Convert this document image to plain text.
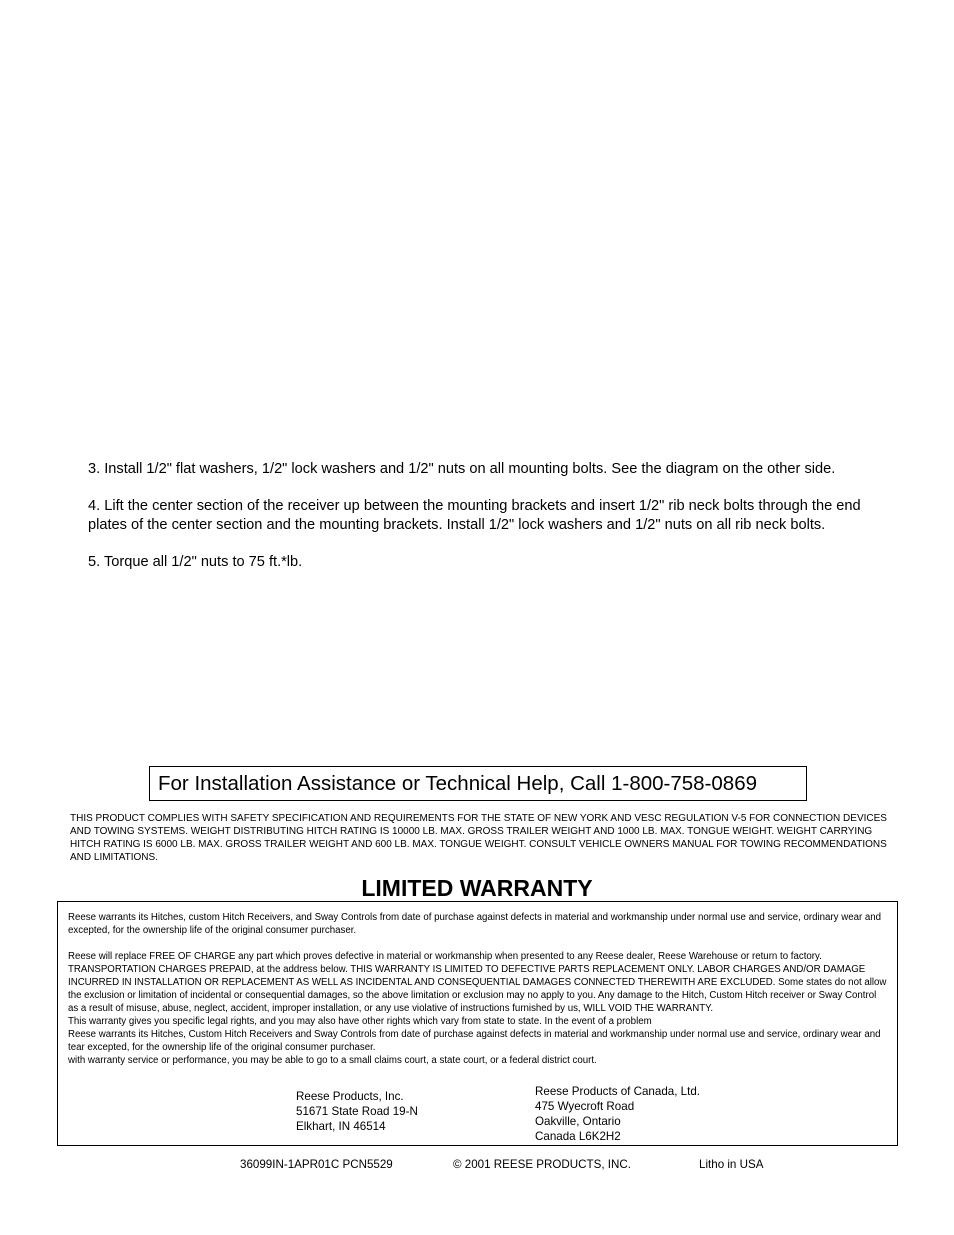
3. Install 1/2" flat washers, 1/2" lock washers and 1/2" nuts on all mounting bolts. See the diagram on the other side.

4. Lift the center section of the receiver up between the mounting brackets and insert 1/2" rib neck bolts through the end plates of the center section and the mounting brackets. Install 1/2" lock washers and 1/2" nuts on all rib neck bolts.

5. Torque all 1/2" nuts to 75 ft.*lb.

For Installation Assistance or Technical Help, Call 1-800-758-0869
THIS PRODUCT COMPLIES WITH SAFETY SPECIFICATION AND REQUIREMENTS FOR THE STATE OF NEW YORK AND VESC REGULATION V-5 FOR CONNECTION DEVICES AND TOWING SYSTEMS. WEIGHT DISTRIBUTING HITCH RATING IS 10000 LB. MAX. GROSS TRAILER WEIGHT AND 1000 LB. MAX. TONGUE WEIGHT. WEIGHT CARRYING HITCH RATING IS 6000 LB. MAX. GROSS TRAILER WEIGHT AND 600 LB. MAX. TONGUE WEIGHT. CONSULT VEHICLE OWNERS MANUAL FOR TOWING RECOMMENDATIONS AND LIMITATIONS.
LIMITED WARRANTY

Reese warrants its Hitches, custom Hitch Receivers, and Sway Controls from date of purchase against defects in material and workmanship under normal use and service, ordinary wear and excepted, for the ownership life of the original consumer purchaser.

Reese will replace FREE OF CHARGE any part which proves defective in material or workmanship when presented to any Reese dealer, Reese Warehouse or return to factory. TRANSPORTATION CHARGES PREPAID, at the address below. THIS WARRANTY IS LIMITED TO DEFECTIVE PARTS REPLACEMENT ONLY. LABOR CHARGES AND/OR DAMAGE INCURRED IN INSTALLATION OR REPLACEMENT AS WELL AS INCIDENTAL AND CONSEQUENTIAL DAMAGES CONNECTED THEREWITH ARE EXCLUDED. Some states do not allow the exclusion or limitation of incidental or consequential damages, so the above limitation or exclusion may no apply to you. Any damage to the Hitch, Custom Hitch receiver or Sway Control as a result of misuse, abuse, neglect, accident, improper installation, or any use violative of instructions furnished by us, WILL VOID THE WARRANTY.

This warranty gives you specific legal rights, and you may also have other rights which vary from state to state. In the event of a problem

Reese warrants its Hitches, Custom Hitch Receivers and Sway Controls from date of purchase against defects in material and workmanship under normal use and service, ordinary wear and tear excepted, for the ownership life of the original consumer purchaser.

with warranty service or performance, you may be able to go to a small claims court, a state court, or a federal district court.

Reese Products, Inc.
51671 State Road 19-N
Elkhart, IN 46514
Reese Products of Canada, Ltd.
475 Wyecroft Road
Oakville, Ontario
Canada L6K2H2
36099IN-1APR01C PCN5529	© 2001 REESE PRODUCTS, INC.	Litho in USA
